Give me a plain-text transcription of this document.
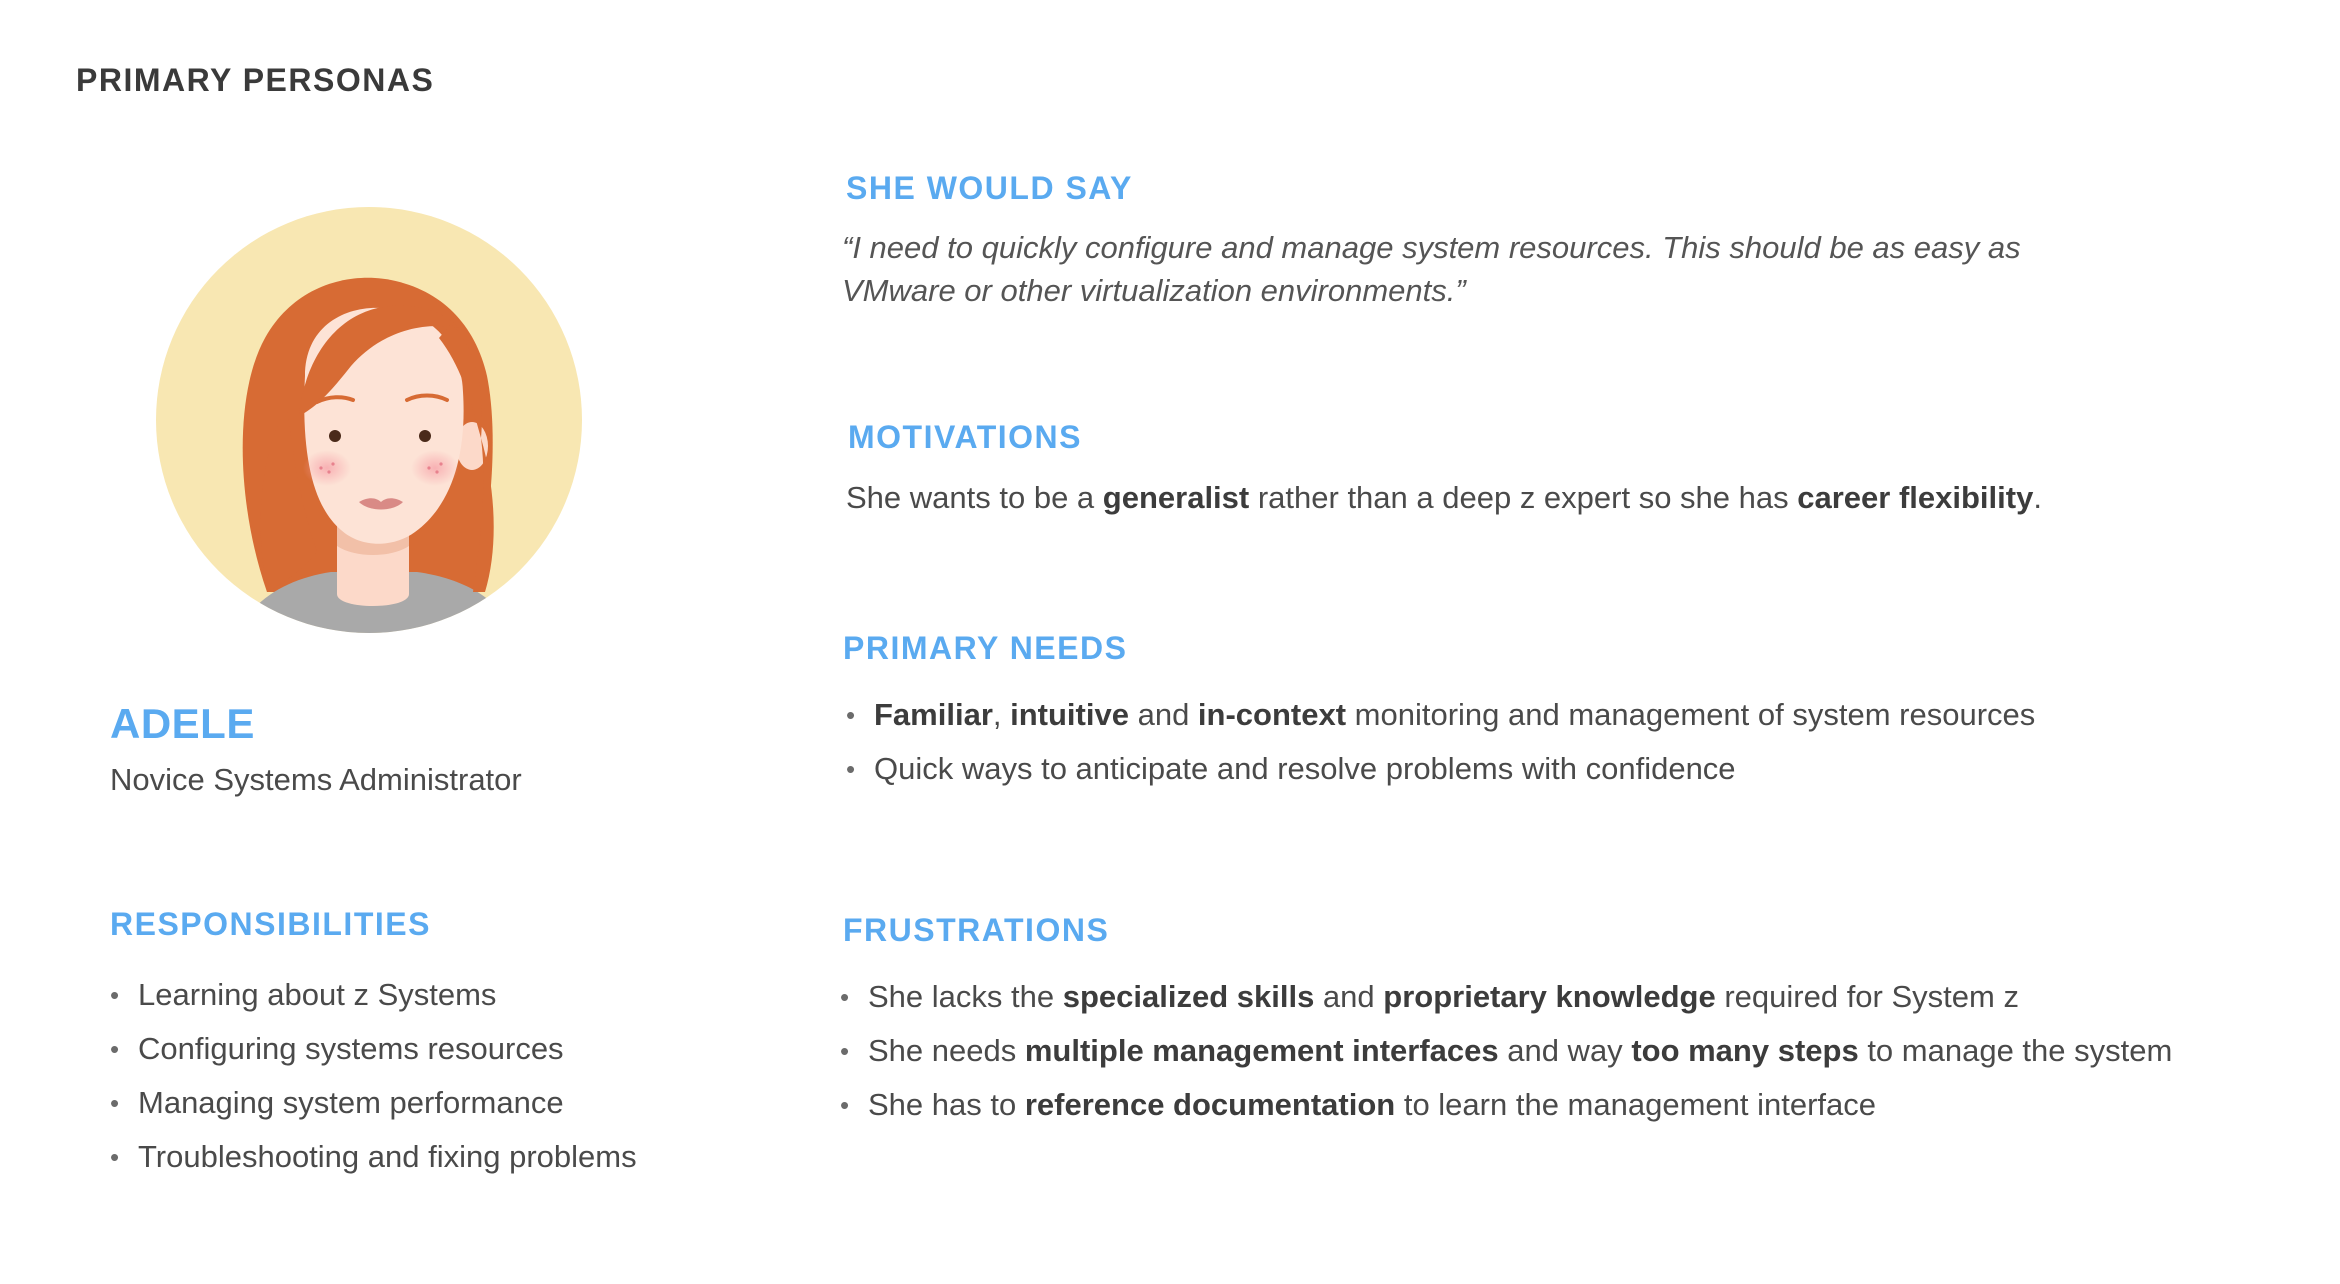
PRIMARY PERSONAS
ADELE
Novice Systems Administrator
RESPONSIBILITIES
• Learning about z Systems
• Configuring systems resources
• Managing system performance
• Troubleshooting and fixing problems
SHE WOULD SAY
“I need to quickly configure and manage system resources. This should be as easy as
VMware or other virtualization environments.”
MOTIVATIONS
She wants to be a generalist rather than a deep z expert so she has career flexibility.
PRIMARY NEEDS
• Familiar, intuitive and in-context monitoring and management of system resources
• Quick ways to anticipate and resolve problems with confidence
FRUSTRATIONS
• She lacks the specialized skills and proprietary knowledge required for System z
• She needs multiple management interfaces and way too many steps to manage the system
• She has to reference documentation to learn the management interface
